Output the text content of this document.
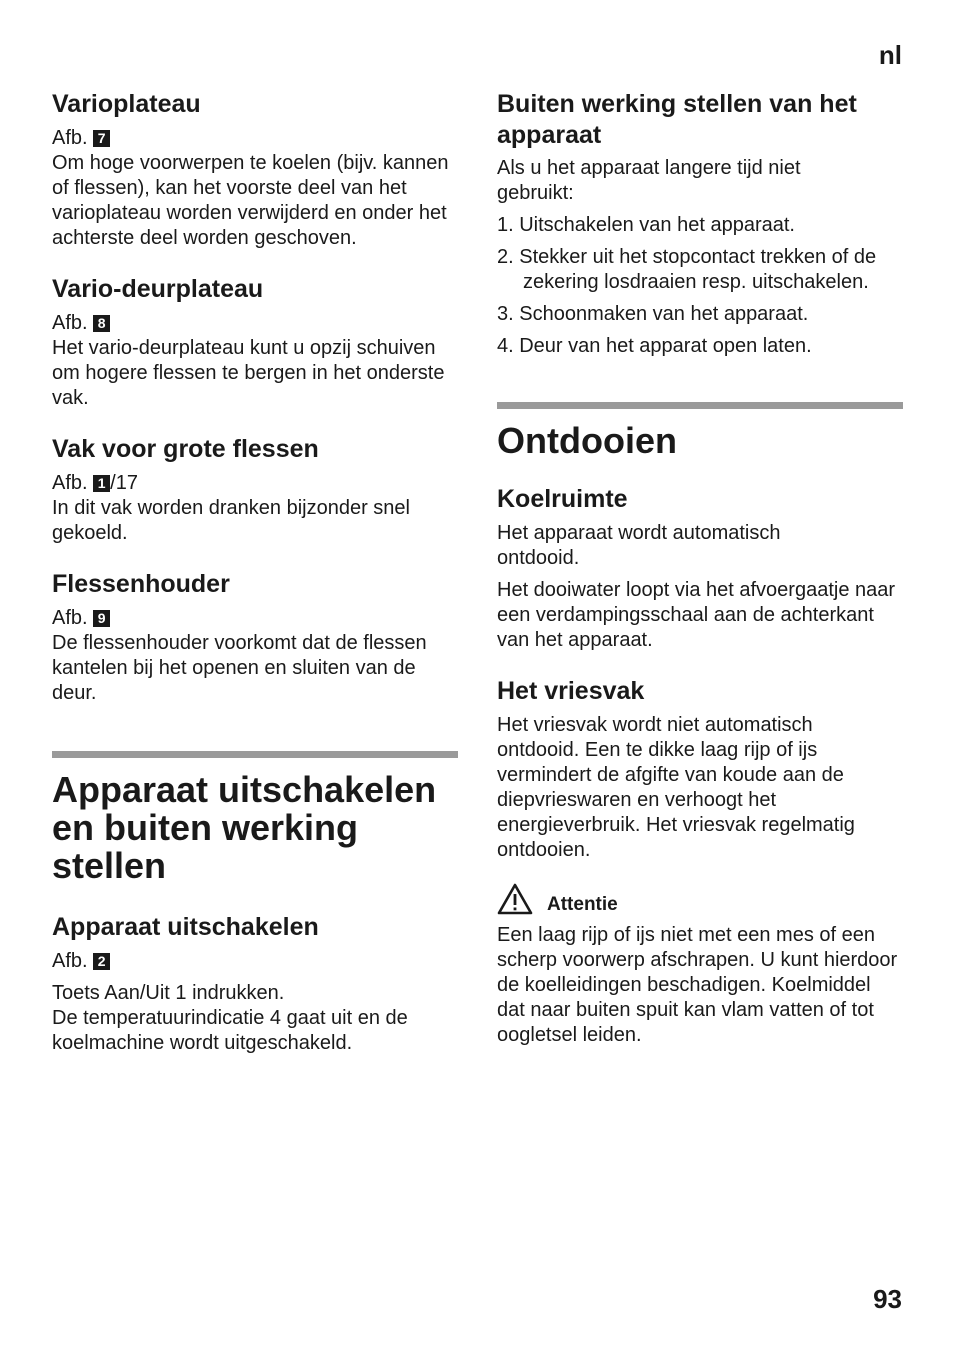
nl
Varioplateau
Afb. 7

Om hoge voorwerpen te koelen (bijv. kannen of flessen), kan het voorste deel van het varioplateau worden verwijderd en onder het achterste deel worden geschoven.

Vario-deurplateau
Afb. 8

Het vario-deurplateau kunt u opzij schuiven om hogere flessen te bergen in het onderste vak.

Vak voor grote flessen
Afb. 1 /17

In dit vak worden dranken bijzonder snel gekoeld.

Flessenhouder
Afb. 9

De flessenhouder voorkomt dat de flessen kantelen bij het openen en sluiten van de deur.

Apparaat uitschakelen en buiten werking stellen
Apparaat uitschakelen
Afb. 2

Toets Aan/Uit 1 indrukken.

De temperatuurindicatie 4 gaat uit en de koelmachine wordt uitgeschakeld.

Buiten werking stellen van het apparaat

Als u het apparaat langere tijd niet gebruikt:

1. Uitschakelen van het apparaat.
2. Stekker uit het stopcontact trekken of de zekering losdraaien resp. uitschakelen.
3. Schoonmaken van het apparaat.
4. Deur van het apparat open laten.
Ontdooien
Koelruimte

Het apparaat wordt automatisch ontdooid.

Het dooiwater loopt via het afvoergaatje naar een verdampingsschaal aan de achterkant van het apparaat.

Het vriesvak

Het vriesvak wordt niet automatisch ontdooid. Een te dikke laag rijp of ijs vermindert de afgifte van koude aan de diepvrieswaren en verhoogt het energieverbruik. Het vriesvak regelmatig ontdooien.

Attentie

Een laag rijp of ijs niet met een mes of een scherp voorwerp afschrapen. U kunt hierdoor de koelleidingen beschadigen. Koelmiddel dat naar buiten spuit kan vlam vatten of tot oogletsel leiden.

93
